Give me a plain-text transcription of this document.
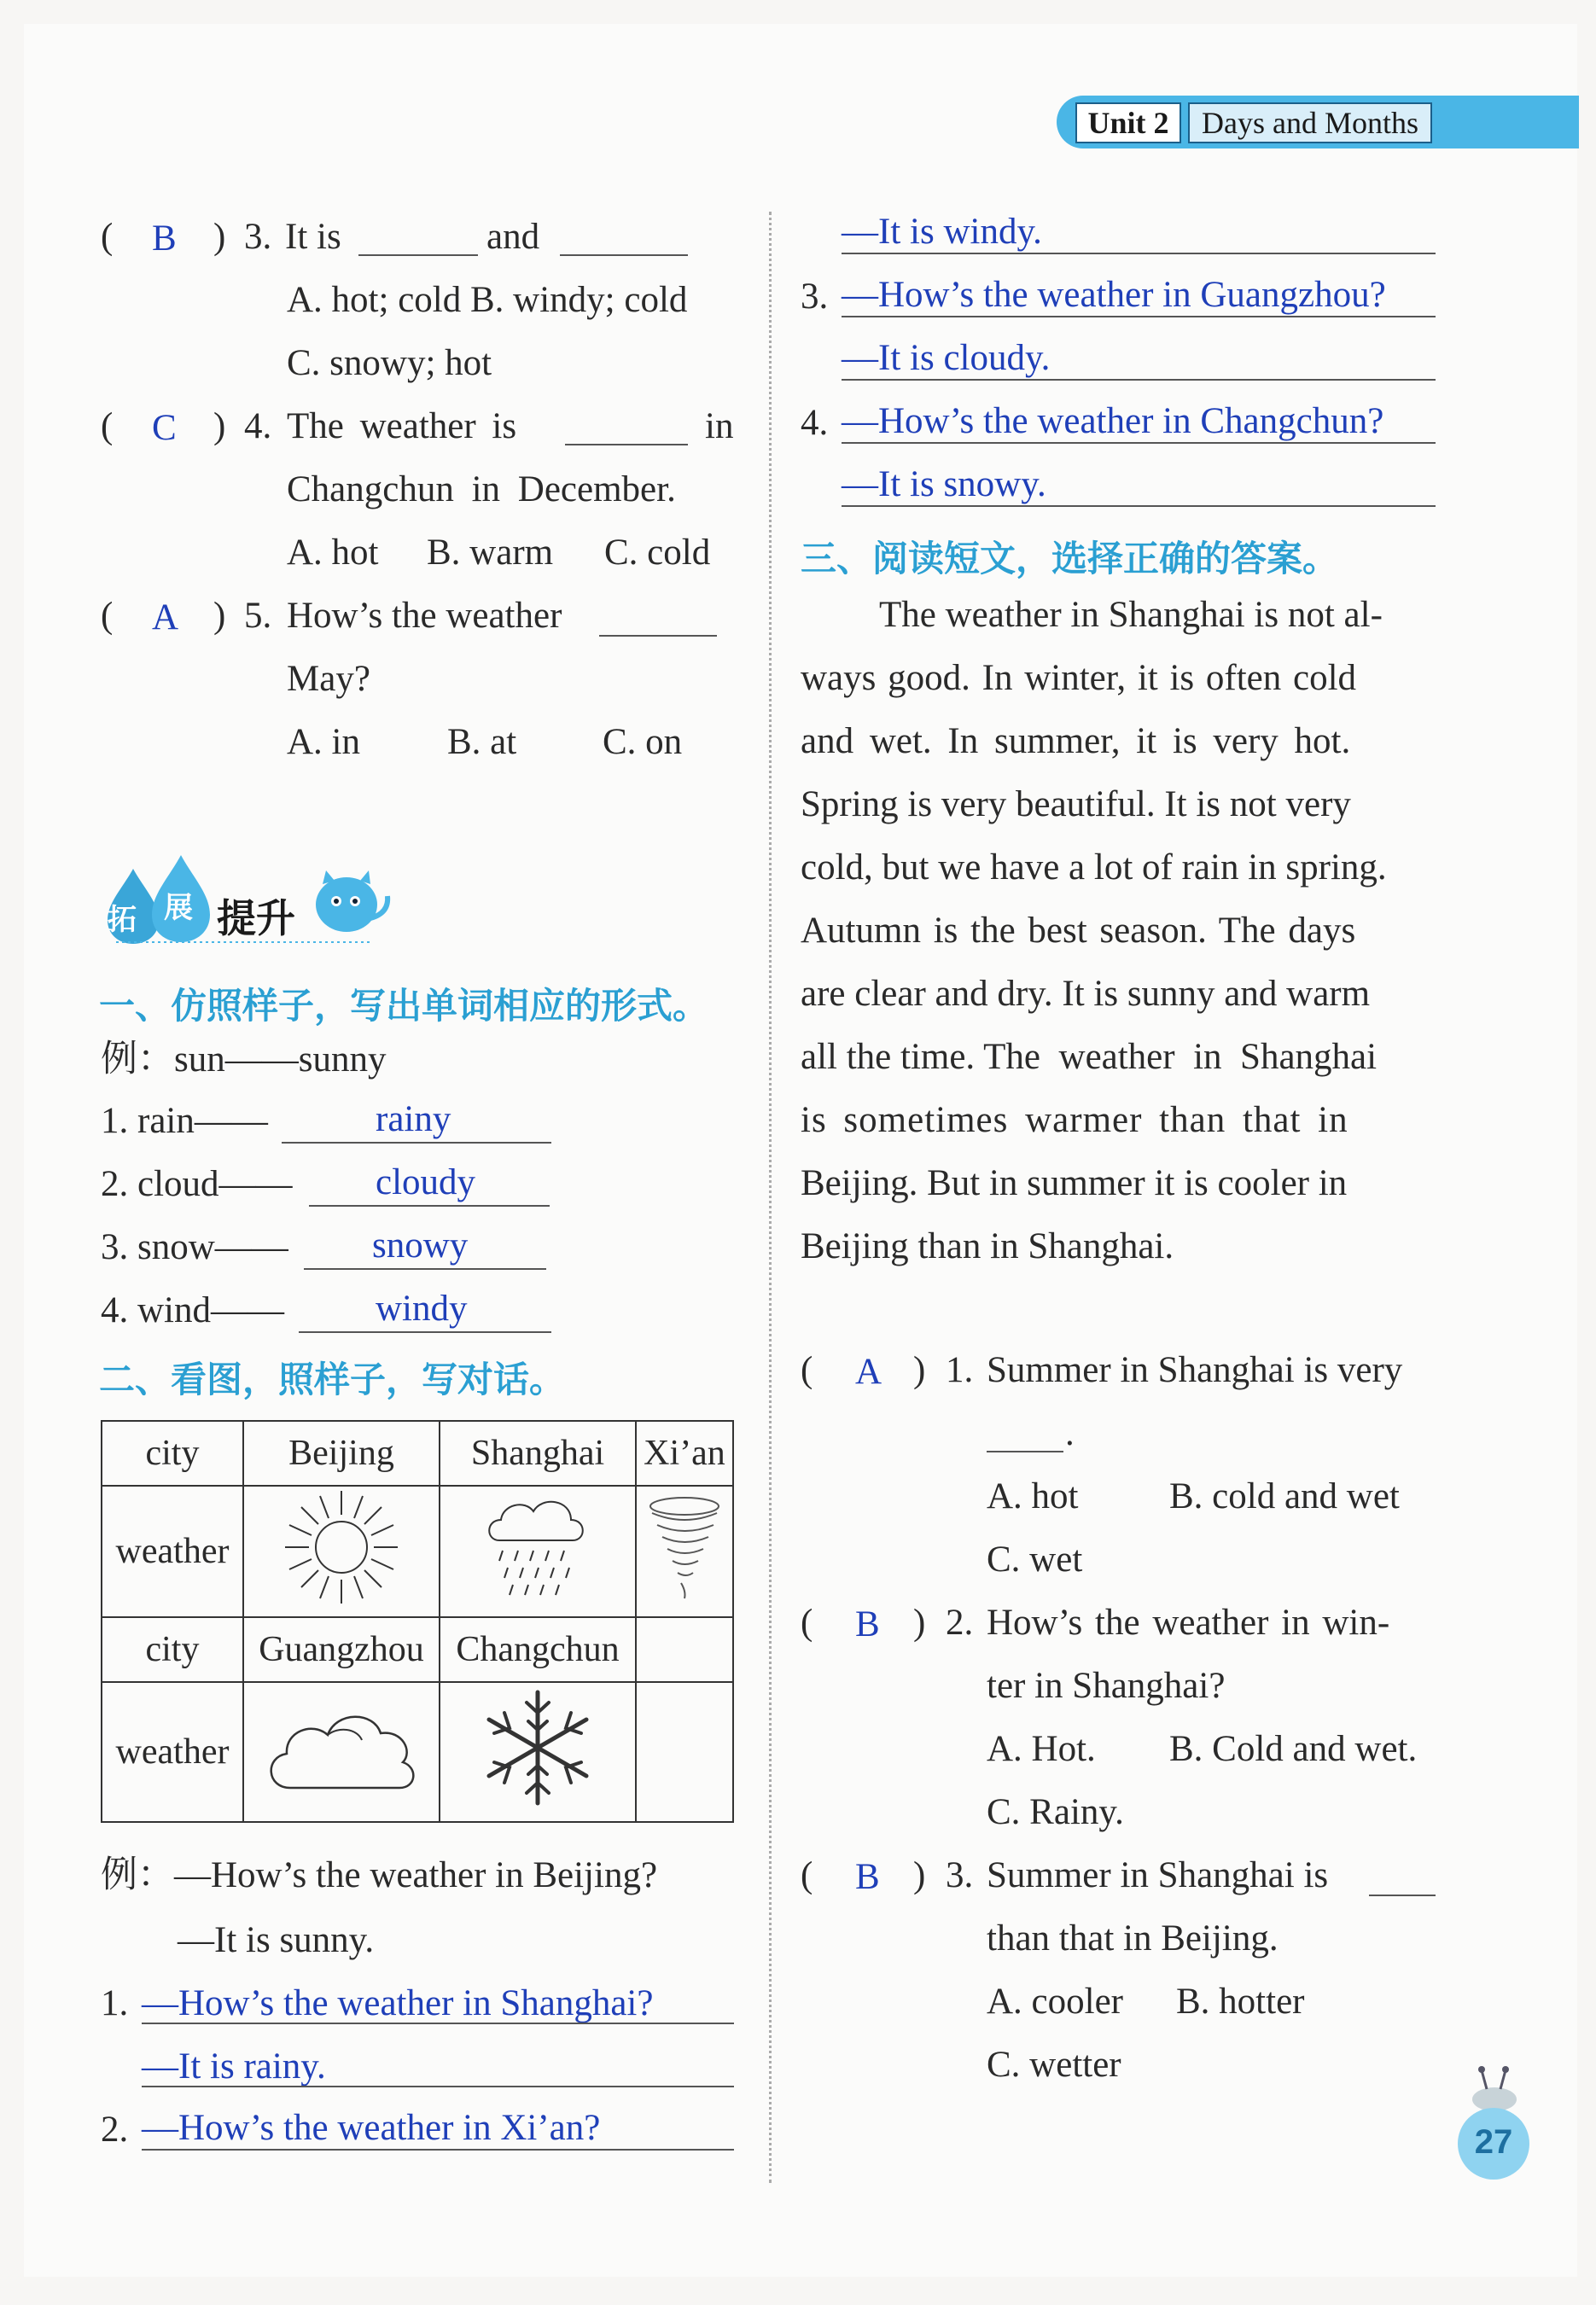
Unit 2	Days and Months
( B ) 3. It is	and
A. hot; cold B. windy; cold
C. snowy; hot
( C ) 4. The weather is	in
Changchun in December.
A. hot B. warm C. cold
( A ) 5. How’s the weather
May?
A. in B. at C. on
拓 展 提升
一、仿照样子，写出单词相应的形式。
例：sun——sunny
1. rain——	rainy
2. cloud—— cloudy
3. snow—— snowy
4. wind—— windy
二、看图，照样子，写对话。
city	Beijing	Shanghai	Xi’an
weather			
city	Guangzhou	Changchun	
weather			
例：—How’s the weather in Beijing?
—It is sunny.
1. —How’s the weather in Shanghai?
—It is rainy.
2. —How’s the weather in Xi’an?
—It is windy.
3. —How’s the weather in Guangzhou?
—It is cloudy.
4. —How’s the weather in Changchun?
—It is snowy.
三、阅读短文，选择正确的答案。
The weather in Shanghai is not al-
ways good. In winter, it is often cold
and wet. In summer, it is very hot.
Spring is very beautiful. It is not very
cold, but we have a lot of rain in spring.
Autumn is the best season. The days
are clear and dry. It is sunny and warm
all the time. The  weather  in  Shanghai
is sometimes warmer than that in
Beijing. But in summer it is cooler in
Beijing than in Shanghai.
( A ) 1. Summer in Shanghai is very
.
A. hot B. cold and wet
C. wet
( B ) 2. How’s the weather in win-
ter in Shanghai?
A. Hot. B. Cold and wet.
C. Rainy.
( B ) 3. Summer in Shanghai is
than that in Beijing.
A. cooler B. hotter
C. wetter
27
